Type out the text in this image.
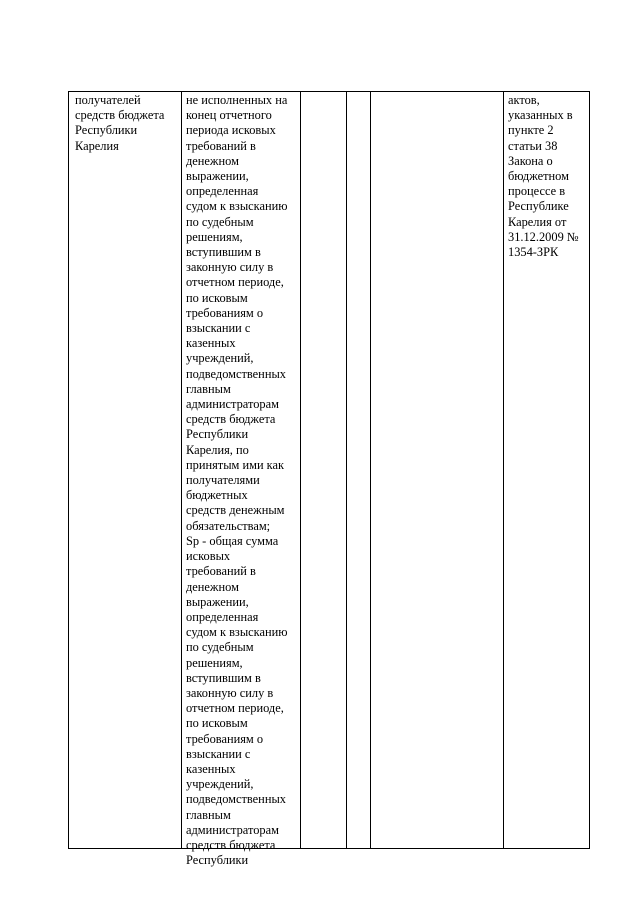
получателей
средств бюджета
Республики
Карелия
не исполненных на
конец отчетного
периода исковых
требований в
денежном
выражении,
определенная
судом к взысканию
по судебным
решениям,
вступившим в
законную силу в
отчетном периоде,
по исковым
требованиям о
взыскании с
казенных
учреждений,
подведомственных
главным
администраторам
средств бюджета
Республики
Карелия, по
принятым ими как
получателями
бюджетных
средств денежным
обязательствам;
Sp - общая сумма
исковых
требований в
денежном
выражении,
определенная
судом к взысканию
по судебным
решениям,
вступившим в
законную силу в
отчетном периоде,
по исковым
требованиям о
взыскании с
казенных
учреждений,
подведомственных
главным
администраторам
средств бюджета
Республики
актов,
указанных в
пункте 2
статьи 38
Закона о
бюджетном
процессе в
Республике
Карелия от
31.12.2009 №
1354-ЗРК
